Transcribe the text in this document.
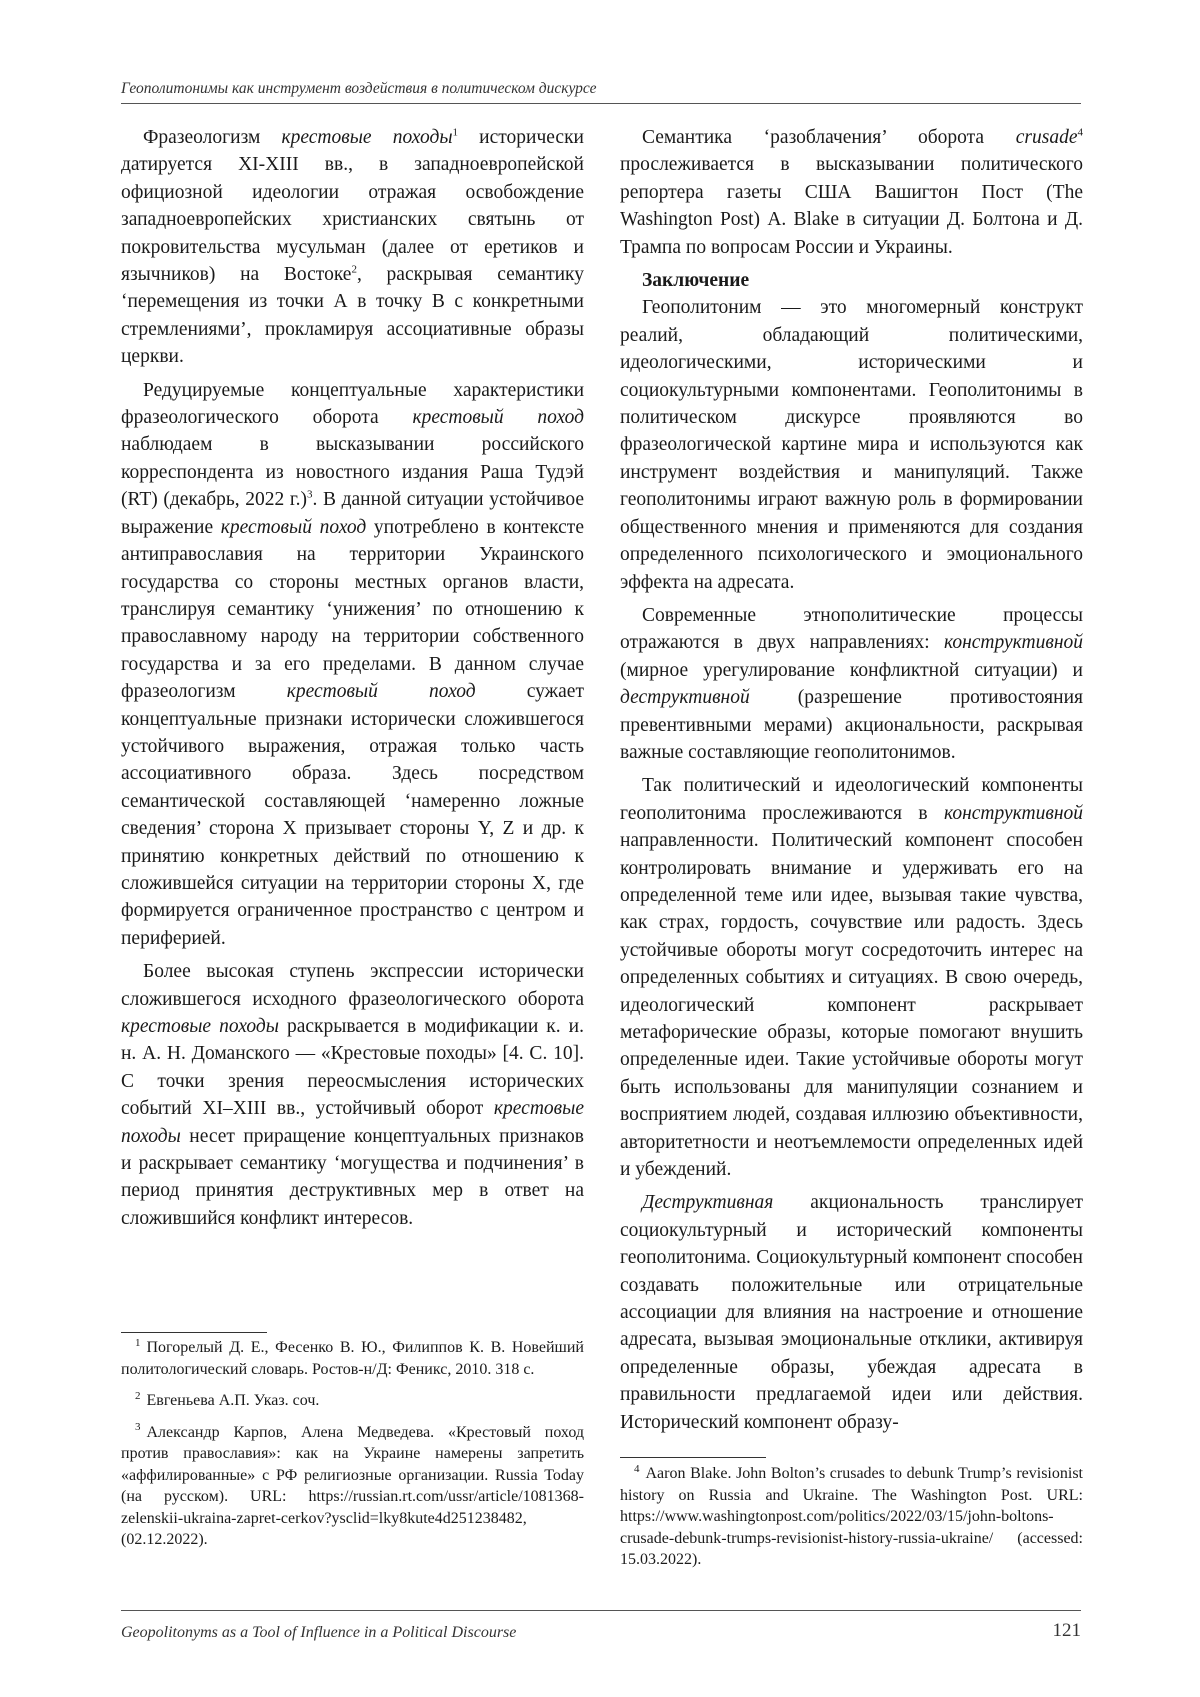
Геополитонимы как инструмент воздействия в политическом дискурсе

Фразеологизм крестовые походы$^1$ исторически датируется XI-XIII вв., в западноевропейской официозной идеологии отражая освобождение западноевропейских христианских святынь от покровительства мусульман (далее от еретиков и язычников) на Востоке$^2$, раскрывая семантику ‘перемещения из точки А в точку В с конкретными стремлениями’, прокламируя ассоциативные образы церкви.

Редуцируемые концептуальные характеристики фразеологического оборота крестовый поход наблюдаем в высказывании российского корреспондента из новостного издания Раша Тудэй (RT) (декабрь, 2022 г.)$^3$. В данной ситуации устойчивое выражение крестовый поход употреблено в контексте антиправославия на территории Украинского государства со стороны местных органов власти, транслируя семантику ‘унижения’ по отношению к православному народу на территории собственного государства и за его пределами. В данном случае фразеологизм крестовый поход сужает концептуальные признаки исторически сложившегося устойчивого выражения, отражая только часть ассоциативного образа. Здесь посредством семантической составляющей ‘намеренно ложные сведения’ сторона X призывает стороны Y, Z и др. к принятию конкретных действий по отношению к сложившейся ситуации на территории стороны X, где формируется ограниченное пространство с центром и периферией.

Более высокая ступень экспрессии исторически сложившегося исходного фразеологического оборота крестовые походы раскрывается в модификации к. и. н. А. Н. Доманского — «Крестовые походы» [4. С. 10]. С точки зрения переосмысления исторических событий XI–XIII вв., устойчивый оборот крестовые походы несет приращение концептуальных признаков и раскрывает семантику ‘могущества и подчинения’ в период принятия деструктивных мер в ответ на сложившийся конфликт интересов.

Семантика ‘разоблачения’ оборота crusade$^4$ прослеживается в высказывании политического репортера газеты США Вашигтон Пост (The Washington Post) A. Blake в ситуации Д. Болтона и Д. Трампа по вопросам России и Украины.

Заключение

Геополитоним — это многомерный конструкт реалий, обладающий политическими, идеологическими, историческими и социокультурными компонентами. Геополитонимы в политическом дискурсе проявляются во фразеологической картине мира и используются как инструмент воздействия и манипуляций. Также геополитонимы играют важную роль в формировании общественного мнения и применяются для создания определенного психологического и эмоционального эффекта на адресата.

Современные этнополитические процессы отражаются в двух направлениях: конструктивной (мирное урегулирование конфликтной ситуации) и деструктивной (разрешение противостояния превентивными мерами) акциональности, раскрывая важные составляющие геополитонимов.

Так политический и идеологический компоненты геополитонима прослеживаются в конструктивной направленности. Политический компонент способен контролировать внимание и удерживать его на определенной теме или идее, вызывая такие чувства, как страх, гордость, сочувствие или радость. Здесь устойчивые обороты могут сосредоточить интерес на определенных событиях и ситуациях. В свою очередь, идеологический компонент раскрывает метафорические образы, которые помогают внушить определенные идеи. Такие устойчивые обороты могут быть использованы для манипуляции сознанием и восприятием людей, создавая иллюзию объективности, авторитетности и неотъемлемости определенных идей и убеждений.

Деструктивная акциональность транслирует социокультурный и исторический компоненты геополитонима. Социокультурный компонент способен создавать положительные или отрицательные ассоциации для влияния на настроение и отношение адресата, вызывая эмоциональные отклики, активируя определенные образы, убеждая адресата в правильности предлагаемой идеи или действия. Исторический компонент образу-

$^1$ Погорелый Д. Е., Фесенко В. Ю., Филиппов К. В. Новейший политологический словарь. Ростов-н/Д: Феникс, 2010. 318 с.

$^2$ Евгеньева А.П. Указ. соч.

$^3$ Александр Карпов, Алена Медведева. «Крестовый поход против православия»: как на Украине намерены запретить «аффилированные» с РФ религиозные организации. Russia Today (на русском). URL: https://russian.rt.com/ussr/article/1081368-zelenskii-ukraina-zapret-cerkov?ysclid=lky8kute4d251238482, (02.12.2022).

$^4$ Aaron Blake. John Bolton’s crusades to debunk Trump’s revisionist history on Russia and Ukraine. The Washington Post. URL: https://www.washingtonpost.com/politics/2022/03/15/john-boltons-crusade-debunk-trumps-revisionist-history-russia-ukraine/ (accessed: 15.03.2022).

Geopolitonyms as a Tool of Influence in a Political Discourse	121
